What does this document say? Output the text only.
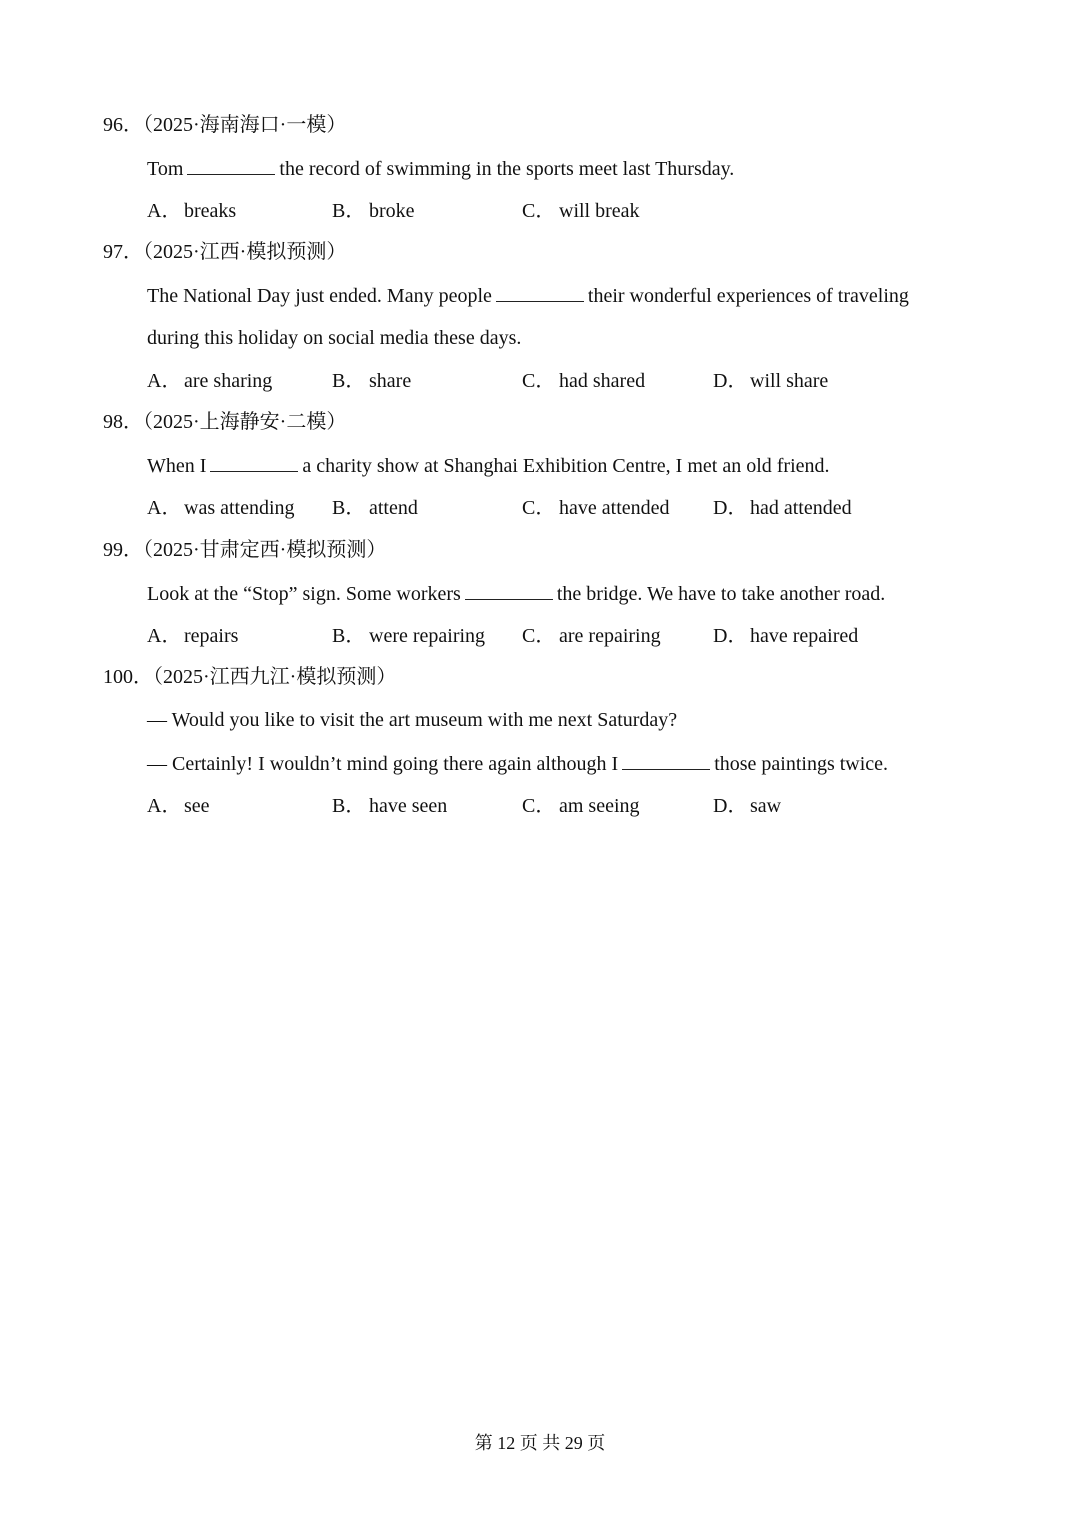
96．（2025·海南海口·一模）
Tom	the record of swimming in the sports meet last Thursday.
A． breaks	B． broke	C． will break
97．（2025·江西·模拟预测）
The National Day just ended. Many people	their wonderful experiences of traveling
during this holiday on social media these days.
A． are sharing	B． share	C． had shared	D． will share
98．（2025·上海静安·二模）
When I	a charity show at Shanghai Exhibition Centre, I met an old friend.
A． was attending B． attend	C． have attended D． had attended
99．（2025·甘肃定西·模拟预测）
Look at the “Stop” sign. Some workers	the bridge. We have to take another road.
A． repairs	B． were repairing C． are repairing	D． have repaired
100．（2025·江西九江·模拟预测）
— Would you like to visit the art museum with me next Saturday?
— Certainly! I wouldn’t mind going there again although I	those paintings twice.
A． see	B． have seen	C． am seeing	D． saw
第 12 页 共 29 页
